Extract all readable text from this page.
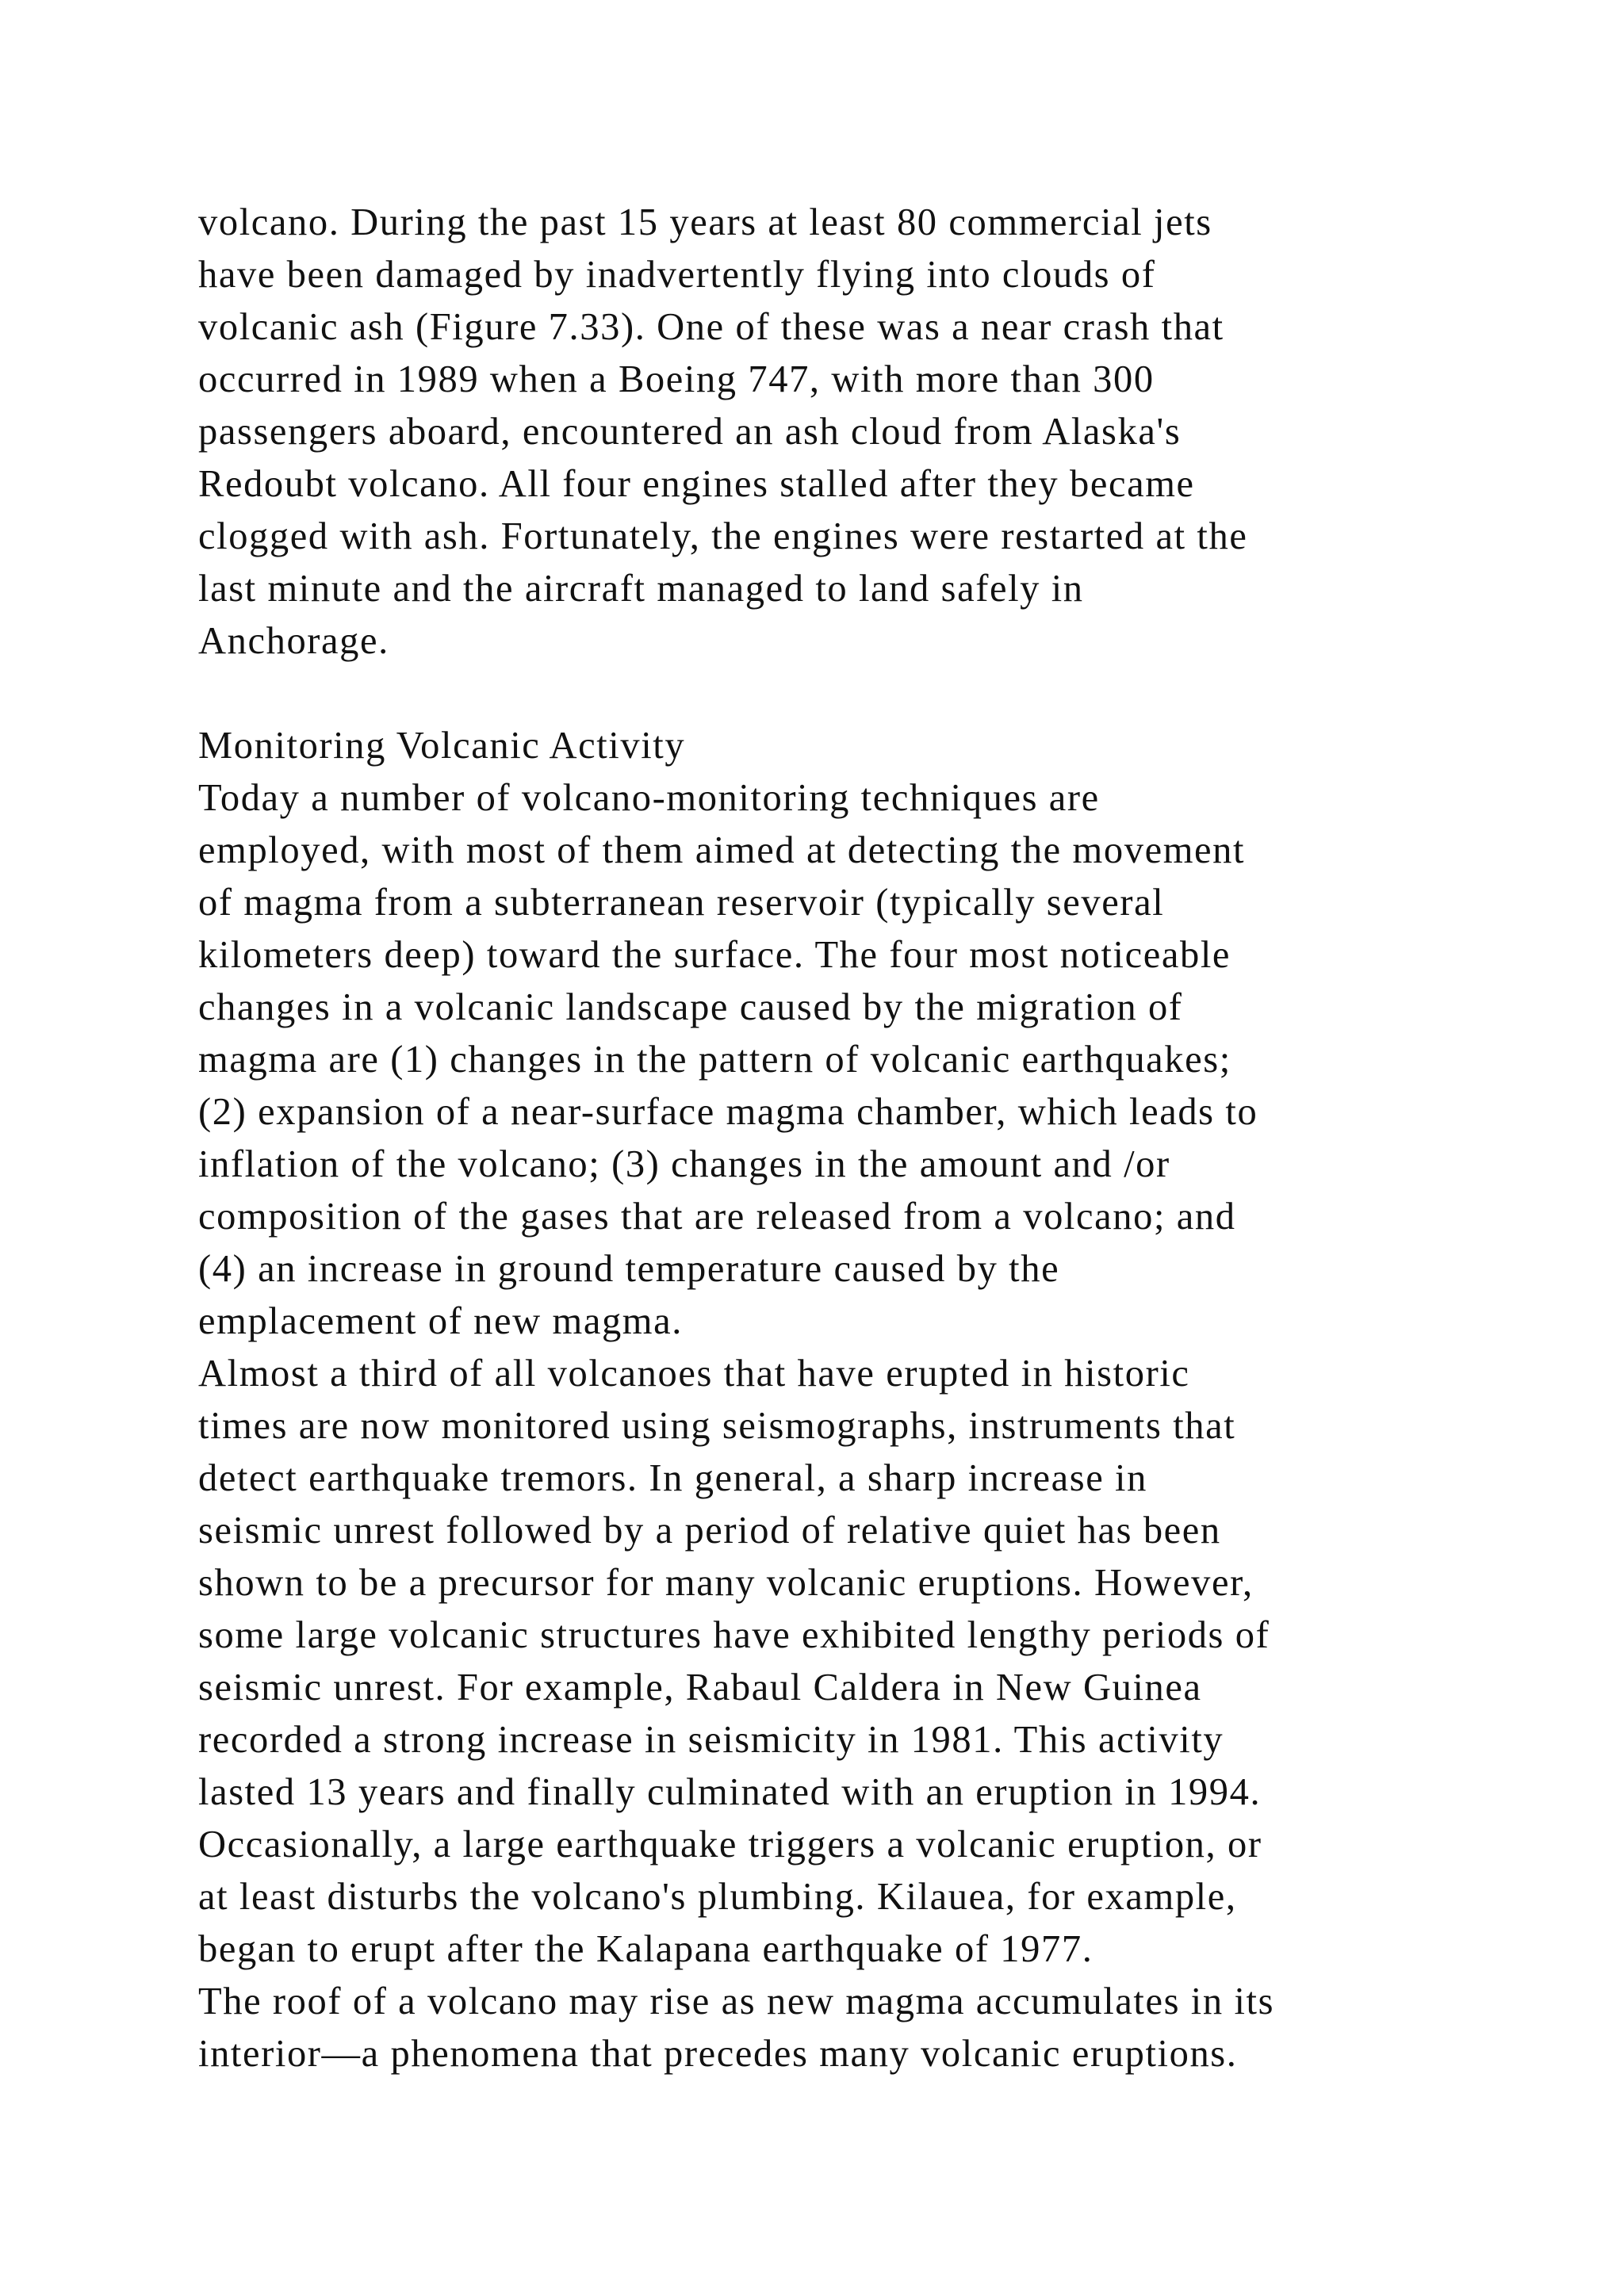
volcano. During the past 15 years at least 80 commercial jets
have been damaged by inadvertently flying into clouds of
volcanic ash (Figure 7.33). One of these was a near crash that
occurred in 1989 when a Boeing 747, with more than 300
passengers aboard, encountered an ash cloud from Alaska's
Redoubt volcano. All four engines stalled after they became
clogged with ash. Fortunately, the engines were restarted at the
last minute and the aircraft managed to land safely in
Anchorage.
Monitoring Volcanic Activity
Today a number of volcano-monitoring techniques are
employed, with most of them aimed at detecting the movement
of magma from a subterranean reservoir (typically several
kilometers deep) toward the surface. The four most noticeable
changes in a volcanic landscape caused by the migration of
magma are (1) changes in the pattern of volcanic earthquakes;
(2) expansion of a near-surface magma chamber, which leads to
inflation of the volcano; (3) changes in the amount and /or
composition of the gases that are released from a volcano; and
(4) an increase in ground temperature caused by the
emplacement of new magma.
Almost a third of all volcanoes that have erupted in historic
times are now monitored using seismographs, instruments that
detect earthquake tremors. In general, a sharp increase in
seismic unrest followed by a period of relative quiet has been
shown to be a precursor for many volcanic eruptions. However,
some large volcanic structures have exhibited lengthy periods of
seismic unrest. For example, Rabaul Caldera in New Guinea
recorded a strong increase in seismicity in 1981. This activity
lasted 13 years and finally culminated with an eruption in 1994.
Occasionally, a large earthquake triggers a volcanic eruption, or
at least disturbs the volcano's plumbing. Kilauea, for example,
began to erupt after the Kalapana earthquake of 1977.
The roof of a volcano may rise as new magma accumulates in its
interior—a phenomena that precedes many volcanic eruptions.
